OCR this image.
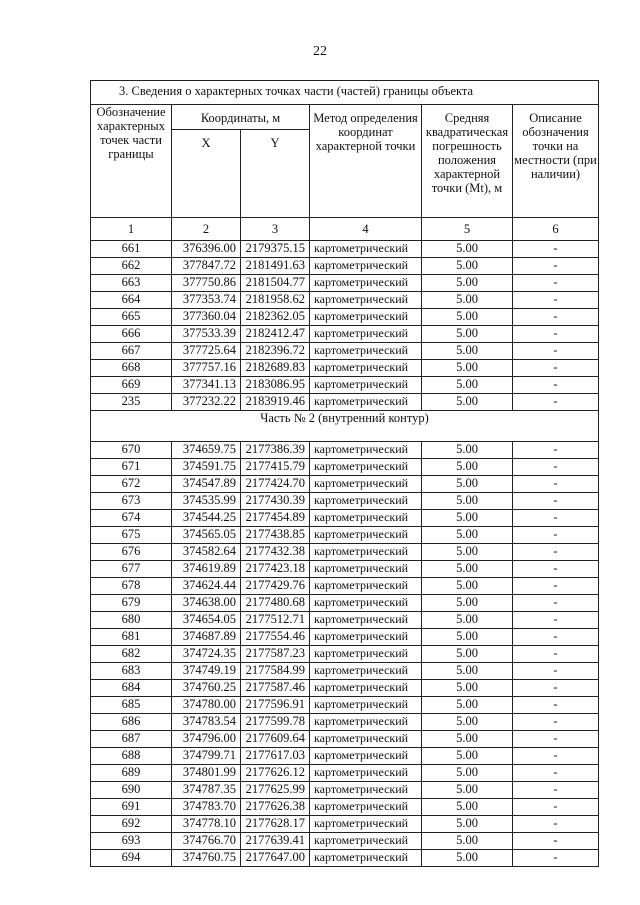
22
3. Сведения о характерных точках части (частей) границы объекта					
Обозначение характерных точек части границы	Координаты, м		Метод определения координат характерной точки	Средняя квадратическая погрешность положения характерной точки (Mt), м	Описание обозначения точки на местности (при наличии)
	X	Y			
1	2	3	4	5	6
661	376396.00	2179375.15	картометрический	5.00	-
662	377847.72	2181491.63	картометрический	5.00	-
663	377750.86	2181504.77	картометрический	5.00	-
664	377353.74	2181958.62	картометрический	5.00	-
665	377360.04	2182362.05	картометрический	5.00	-
666	377533.39	2182412.47	картометрический	5.00	-
667	377725.64	2182396.72	картометрический	5.00	-
668	377757.16	2182689.83	картометрический	5.00	-
669	377341.13	2183086.95	картометрический	5.00	-
235	377232.22	2183919.46	картометрический	5.00	-
Часть № 2 (внутренний контур)					
670	374659.75	2177386.39	картометрический	5.00	-
671	374591.75	2177415.79	картометрический	5.00	-
672	374547.89	2177424.70	картометрический	5.00	-
673	374535.99	2177430.39	картометрический	5.00	-
674	374544.25	2177454.89	картометрический	5.00	-
675	374565.05	2177438.85	картометрический	5.00	-
676	374582.64	2177432.38	картометрический	5.00	-
677	374619.89	2177423.18	картометрический	5.00	-
678	374624.44	2177429.76	картометрический	5.00	-
679	374638.00	2177480.68	картометрический	5.00	-
680	374654.05	2177512.71	картометрический	5.00	-
681	374687.89	2177554.46	картометрический	5.00	-
682	374724.35	2177587.23	картометрический	5.00	-
683	374749.19	2177584.99	картометрический	5.00	-
684	374760.25	2177587.46	картометрический	5.00	-
685	374780.00	2177596.91	картометрический	5.00	-
686	374783.54	2177599.78	картометрический	5.00	-
687	374796.00	2177609.64	картометрический	5.00	-
688	374799.71	2177617.03	картометрический	5.00	-
689	374801.99	2177626.12	картометрический	5.00	-
690	374787.35	2177625.99	картометрический	5.00	-
691	374783.70	2177626.38	картометрический	5.00	-
692	374778.10	2177628.17	картометрический	5.00	-
693	374766.70	2177639.41	картометрический	5.00	-
694	374760.75	2177647.00	картометрический	5.00	-
